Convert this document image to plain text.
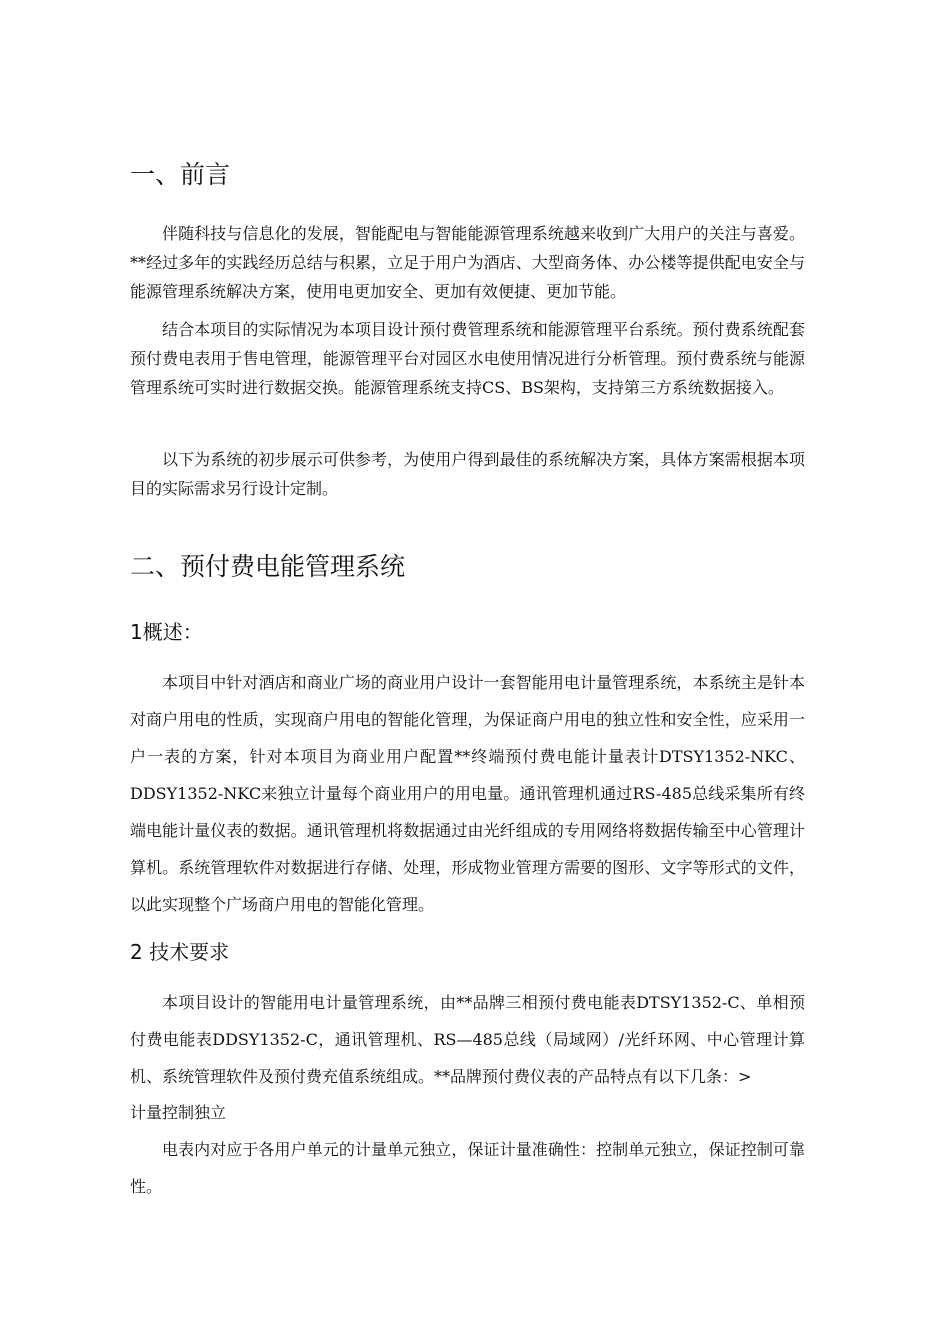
一、前言

伴随科技与信息化的发展，智能配电与智能能源管理系统越来收到广大用户的关注与喜爱。**经过多年的实践经历总结与积累，立足于用户为酒店、大型商务体、办公楼等提供配电安全与能源管理系统解决方案，使用电更加安全、更加有效便捷、更加节能。

结合本项目的实际情况为本项目设计预付费管理系统和能源管理平台系统。预付费系统配套预付费电表用于售电管理，能源管理平台对园区水电使用情况进行分析管理。预付费系统与能源管理系统可实时进行数据交换。能源管理系统支持CS、BS架构，支持第三方系统数据接入。

以下为系统的初步展示可供参考，为使用户得到最佳的系统解决方案，具体方案需根据本项目的实际需求另行设计定制。

二、预付费电能管理系统
1概述：

本项目中针对酒店和商业广场的商业用户设计一套智能用电计量管理系统，本系统主是针本对商户用电的性质，实现商户用电的智能化管理，为保证商户用电的独立性和安全性，应采用一户一表的方案，针对本项目为商业用户配置**终端预付费电能计量表计DTSY1352-NKC、DDSY1352-NKC来独立计量每个商业用户的用电量。通讯管理机通过RS-485总线采集所有终端电能计量仪表的数据。通讯管理机将数据通过由光纤组成的专用网络将数据传输至中心管理计算机。系统管理软件对数据进行存储、处理，形成物业管理方需要的图形、文字等形式的文件，以此实现整个广场商户用电的智能化管理。

2 技术要求

本项目设计的智能用电计量管理系统，由**品牌三相预付费电能表DTSY1352-C、单相预付费电能表DDSY1352-C，通讯管理机、RS—485总线（局域网）/光纤环网、中心管理计算机、系统管理软件及预付费充值系统组成。**品牌预付费仪表的产品特点有以下几条：>

计量控制独立

电表内对应于各用户单元的计量单元独立，保证计量准确性：控制单元独立，保证控制可靠性。
